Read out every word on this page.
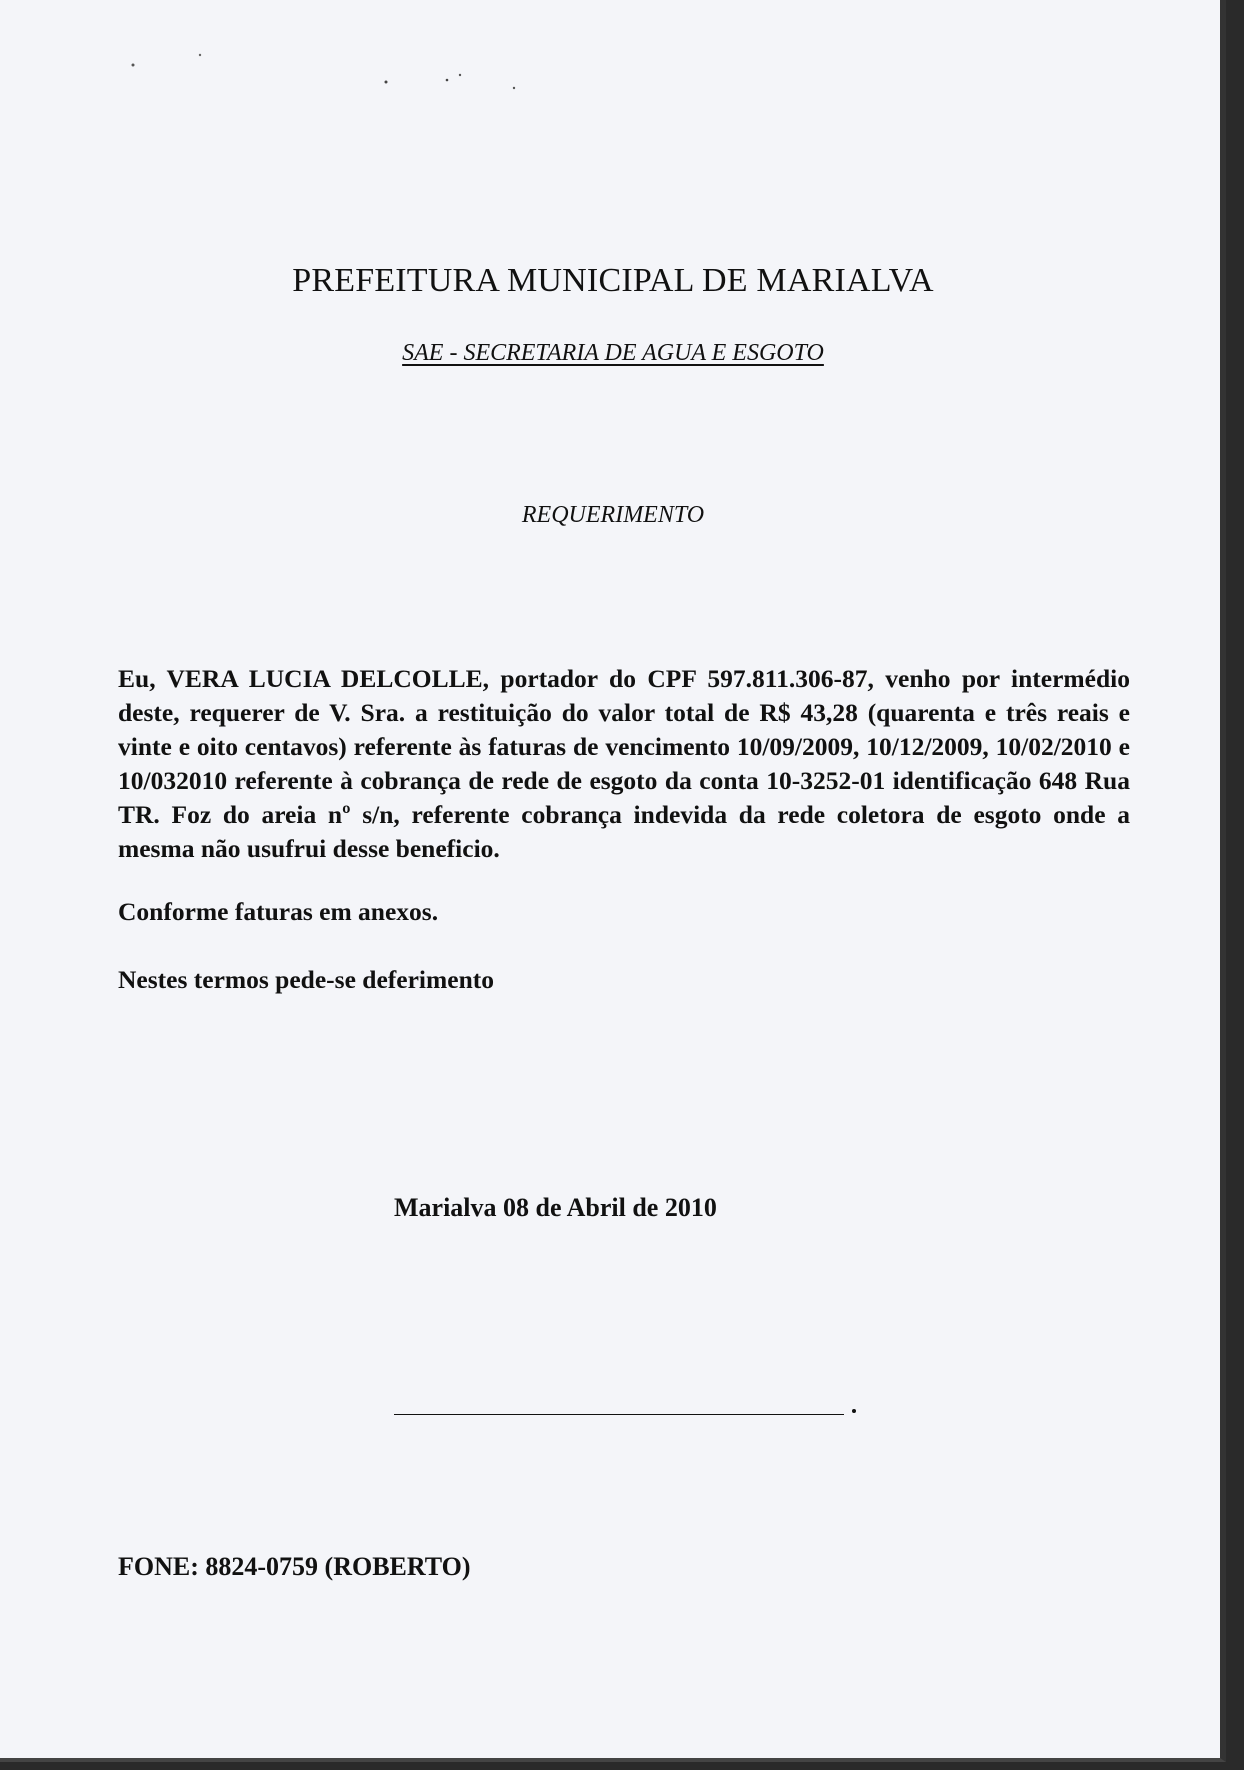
PREFEITURA MUNICIPAL DE MARIALVA
SAE - SECRETARIA DE AGUA E ESGOTO
REQUERIMENTO

Eu, VERA LUCIA DELCOLLE, portador do CPF 597.811.306-87, venho por intermédio deste, requerer de V. Sra. a restituição do valor total de R$ 43,28 (quarenta e três reais e vinte e oito centavos) referente às faturas de vencimento 10/09/2009, 10/12/2009, 10/02/2010 e 10/032010 referente à cobrança de rede de esgoto da conta 10-3252-01 identificação 648 Rua TR. Foz do areia nº s/n, referente cobrança indevida da rede coletora de esgoto onde a mesma não usufrui desse beneficio.

Conforme faturas em anexos.

Nestes termos pede-se deferimento

Marialva 08 de Abril de 2010
FONE: 8824-0759 (ROBERTO)
